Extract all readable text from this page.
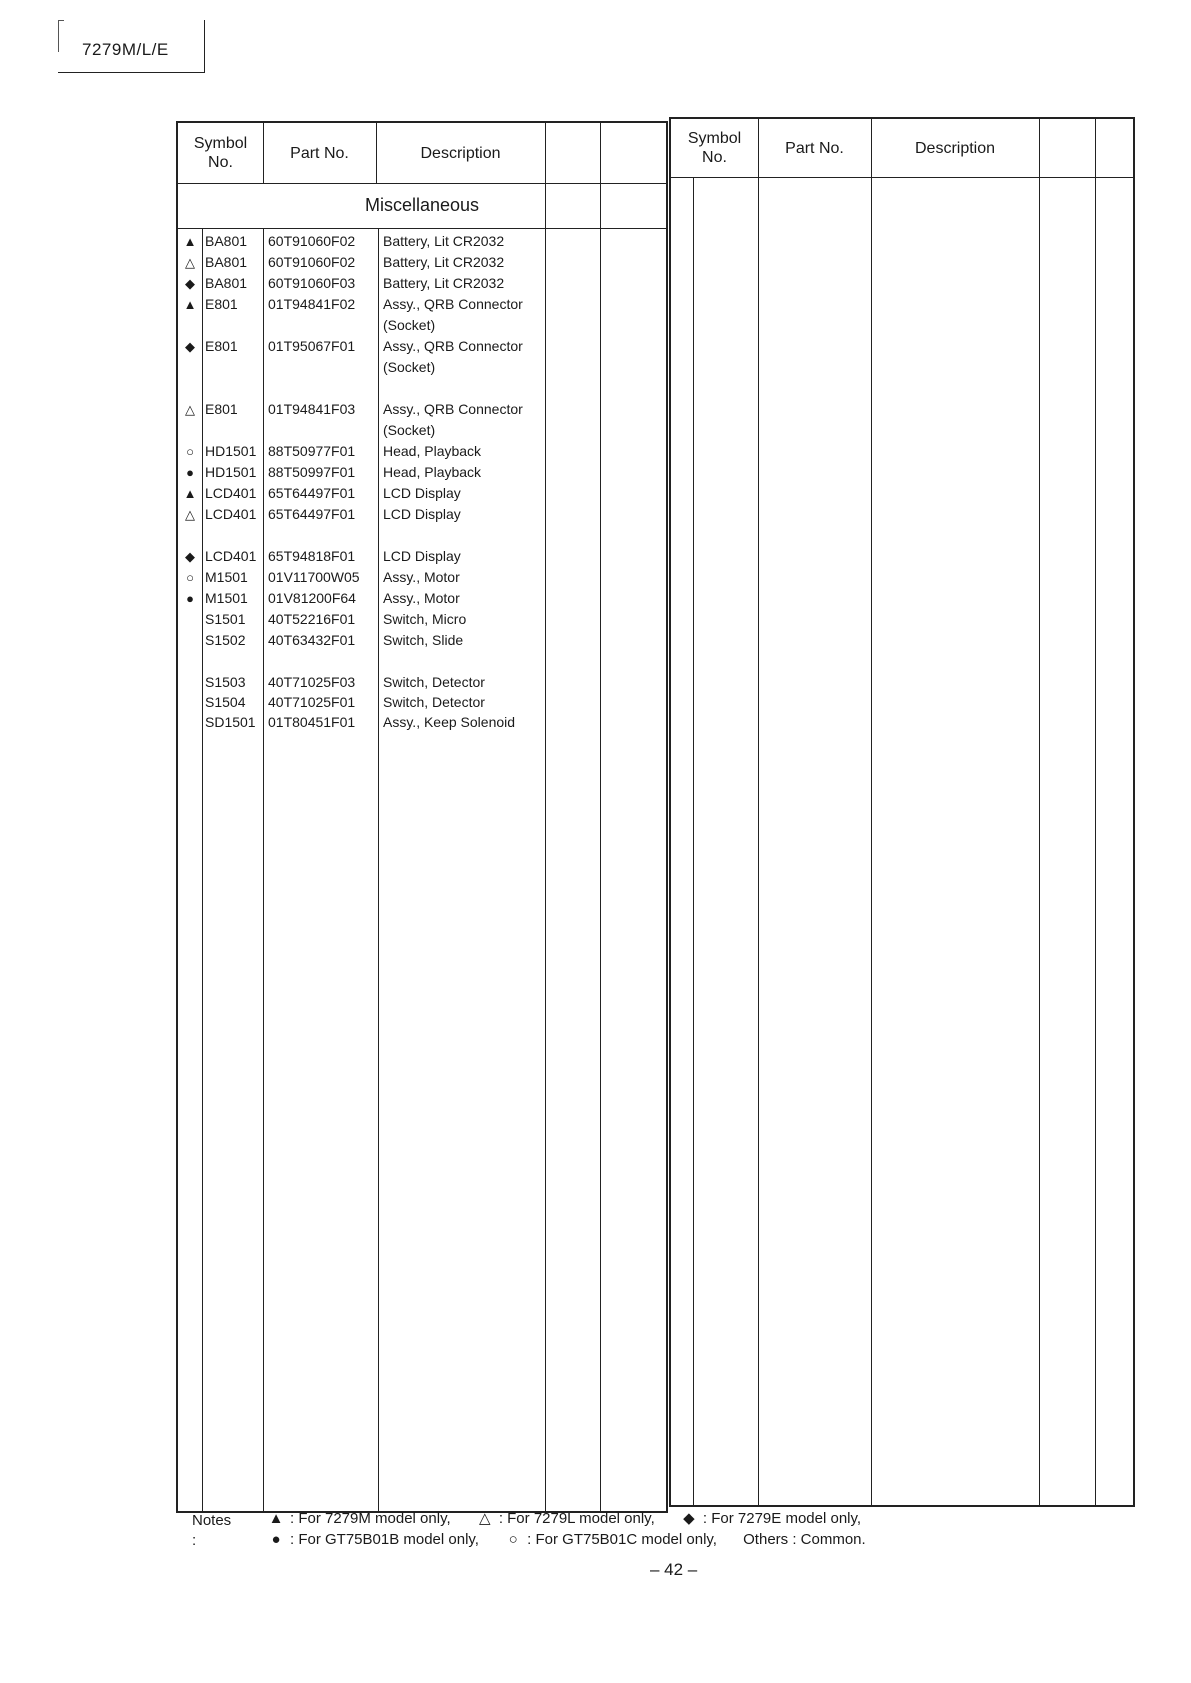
7279M/L/E
Symbol
No.
Part No.	Description
Miscellaneous
▲ BA801 60T91060F02 Battery, Lit CR2032
△ BA801 60T91060F02 Battery, Lit CR2032
◆ BA801 60T91060F03 Battery, Lit CR2032
▲ E801 01T94841F02 Assy., QRB Connector
(Socket)
◆ E801 01T95067F01 Assy., QRB Connector
(Socket)
△ E801 01T94841F03 Assy., QRB Connector
(Socket)
○ HD1501 88T50977F01 Head, Playback
● HD1501 88T50997F01 Head, Playback
▲ LCD401 65T64497F01 LCD Display
△ LCD401 65T64497F01 LCD Display
◆ LCD401 65T94818F01 LCD Display
○ M1501 01V11700W05 Assy., Motor
● M1501 01V81200F64 Assy., Motor
S1501 40T52216F01 Switch, Micro
S1502 40T63432F01 Switch, Slide
S1503 40T71025F03 Switch, Detector
S1504 40T71025F01 Switch, Detector
SD1501 01T80451F01 Assy., Keep Solenoid
Symbol
No.
Part No.	Description
Notes :
▲ : For 7279M model only, △ : For 7279L model only, ◆ : For 7279E model only,
● : For GT75B01B model only, ○ : For GT75B01C model only, Others : Common.
– 42 –
